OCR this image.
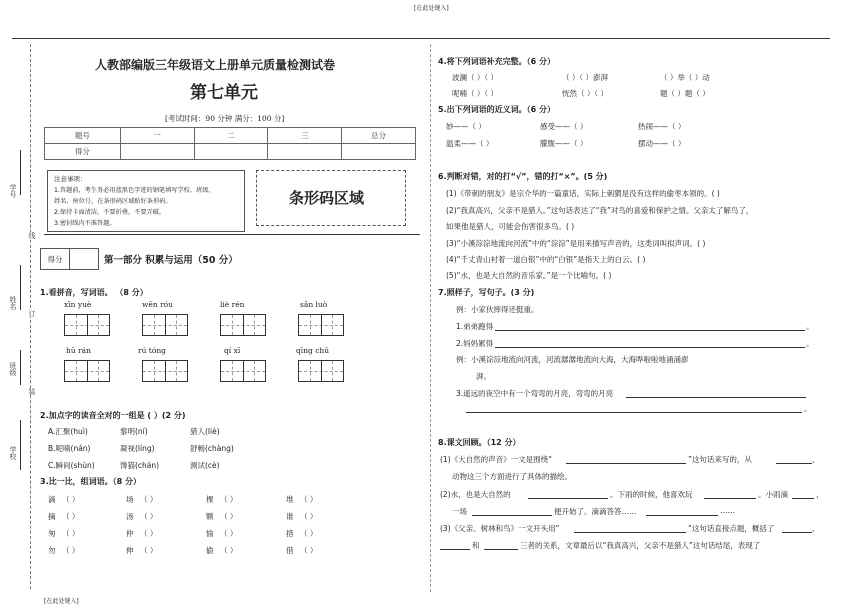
[在此处键入]
[在此处键入]
学号
姓名
班级
学校
线
订
装
人教部编版三年级语文上册单元质量检测试卷
第七单元
[考试时间：90 分钟 满分：100 分]
题号	一	二	三	总分
得分				
注意事项：
1.答题前，考生务必用蓝黑色字迹的钢笔填写学校、班级、
姓名、座位号，在条形码区域贴好条形码。
2.保持卡面清洁，不要折叠，不要弄破。
3.密封线内不准答题。
条形码区域
得分		第一部分 积累与运用（50 分）
1.看拼音，写词语。 （8 分）
xīn yuè	wēn róu	liè rén	sǎn luò
hū rán	rú tóng	qí xī	qīng chǔ
2.加点字的读音全对的一组是 ( ）(2 分)
A.汇聚(huì)	黎明(ní)	猎人(liè)
B.呢喃(nán)	凝视(líng)	舒畅(chàng)
C.瞬间(shùn)	馋猫(chán)	测试(cè)
3.比一比，组词语。（8 分）
滴 （ ）	场 （ ）	棵 （ ）	堆 （ ）
摘 （ ）	汤 （ ）	颗 （ ）	谁 （ ）
匆 （ ）	仲 （ ）	愉 （ ）	措 （ ）
勿 （ ）	伸 （ ）	偷 （ ）	借 （ ）
4.将下列词语补充完整。（6 分）
波澜（ ）（ ）	（ ）（ ）澎湃	（ ）举（ ）动
呢喃（ ）（ ）	恍然（ ）（ ）	题（ ）题（ ）
5.出下列词语的近义词。（6 分）
妙——（ ）	感受——（ ）	热闹——（ ）
温柔——（ ）	朦胧——（ ）	摆动——（ ）
6.判断对错，对的打“√”，错的打“×”。(5 分)
(1)《带刺的朋友》是宗介华的一篇童话，实际上刺猬是没有这样的偷枣本领的。( )
(2)“我真高兴，父亲不是猎人。”这句话表达了“我”对鸟的喜爱和保护之情。父亲太了解鸟了，
如果他是猎人，可能会伤害很多鸟。( )
(3)“小溪淙淙地流向河流”中的“淙淙”是用来描写声音的，这类词叫拟声词。( )
(4)“千丈青山衬着一道白银”中的“白银”是指天上的白云。( )
(5)“水，也是大自然的音乐家。”是一个比喻句。( )
7.照样子，写句子。(3 分)
例：小家伙摔得还挺重。
1.弟弟跑得	。
2.妈妈累得	。
例：小溪淙淙地流向河流，河流潺潺地流向大海，大海哗啦啦地涌涌澎
湃。
3.遥远的夜空中有一个弯弯的月亮，弯弯的月亮
。
8.课文回顾。（12 分）
(1)《大自然的声音》一文是围绕“	”这句话来写的，从	、
动物这三个方面进行了具体的描绘。
(2)水，也是大自然的	。下雨的时候，他喜欢玩	。小雨滴	，
一场	便开始了。滴滴答答……	……
(3)《父亲、树林和鸟》一文开头用“	”这句话直接点题，概括了	、
和	三者的关系，文章最后以“我真高兴，父亲不是猎人”这句话结尾，表现了
